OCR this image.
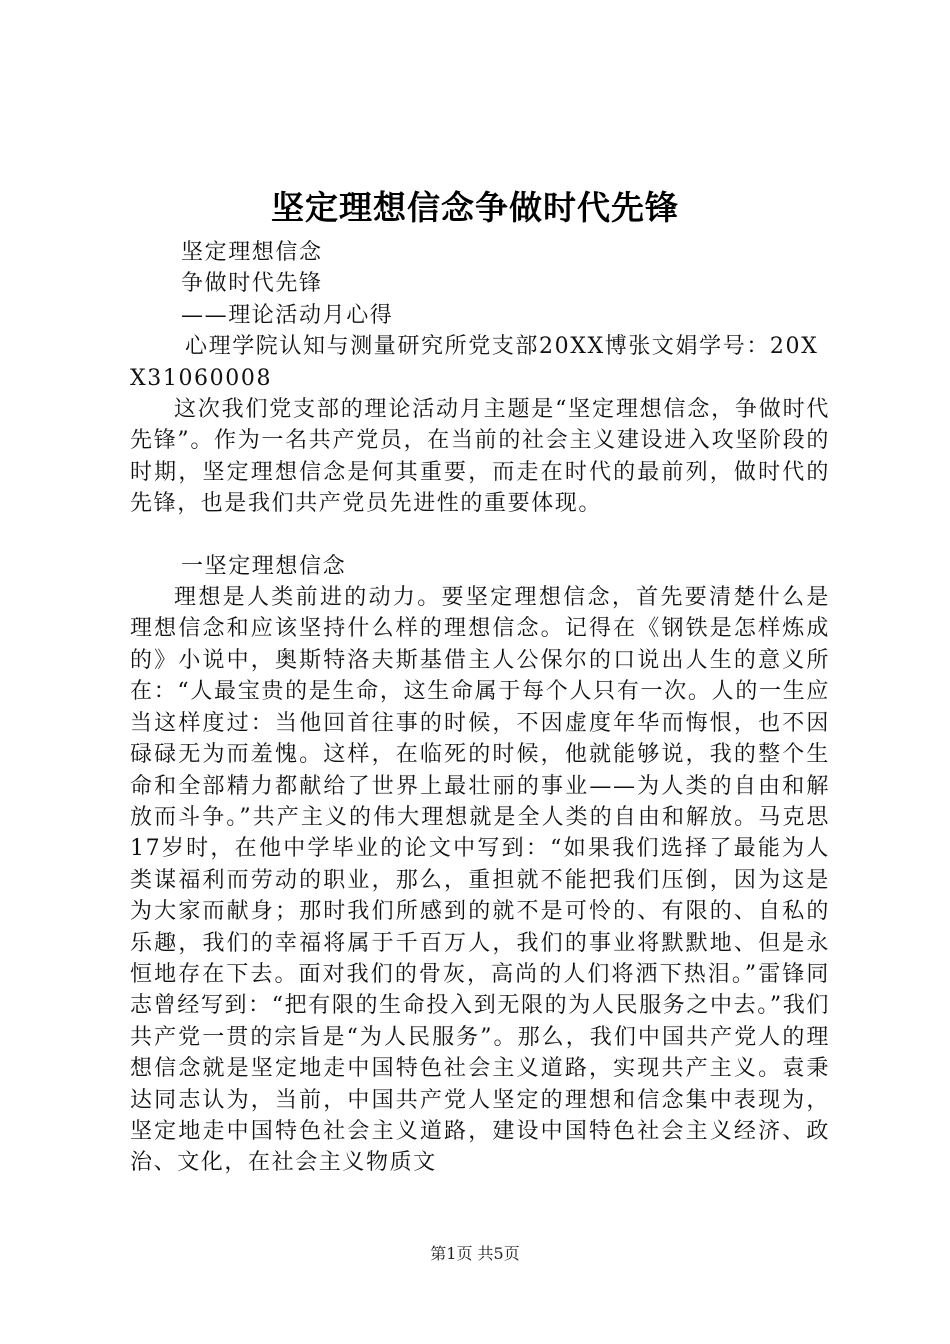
坚定理想信念争做时代先锋

坚定理想信念

争做时代先锋

——理论活动月心得

心理学院认知与测量研究所党支部20XX博张文娟学号：20XX31060008

这次我们党支部的理论活动月主题是“坚定理想信念，争做时代先锋”。作为一名共产党员，在当前的社会主义建设进入攻坚阶段的时期，坚定理想信念是何其重要，而走在时代的最前列，做时代的先锋，也是我们共产党员先进性的重要体现。

一坚定理想信念

理想是人类前进的动力。要坚定理想信念，首先要清楚什么是理想信念和应该坚持什么样的理想信念。记得在《钢铁是怎样炼成的》小说中，奥斯特洛夫斯基借主人公保尔的口说出人生的意义所在：“人最宝贵的是生命，这生命属于每个人只有一次。人的一生应当这样度过：当他回首往事的时候，不因虚度年华而悔恨，也不因碌碌无为而羞愧。这样，在临死的时候，他就能够说，我的整个生命和全部精力都献给了世界上最壮丽的事业——为人类的自由和解放而斗争。”共产主义的伟大理想就是全人类的自由和解放。马克思17岁时，在他中学毕业的论文中写到：“如果我们选择了最能为人类谋福利而劳动的职业，那么，重担就不能把我们压倒，因为这是为大家而献身；那时我们所感到的就不是可怜的、有限的、自私的乐趣，我们的幸福将属于千百万人，我们的事业将默默地、但是永恒地存在下去。面对我们的骨灰，高尚的人们将洒下热泪。”雷锋同志曾经写到：“把有限的生命投入到无限的为人民服务之中去。”我们共产党一贯的宗旨是“为人民服务”。那么，我们中国共产党人的理想信念就是坚定地走中国特色社会主义道路，实现共产主义。袁秉达同志认为，当前，中国共产党人坚定的理想和信念集中表现为，坚定地走中国特色社会主义道路，建设中国特色社会主义经济、政治、文化，在社会主义物质文

第1页 共5页
